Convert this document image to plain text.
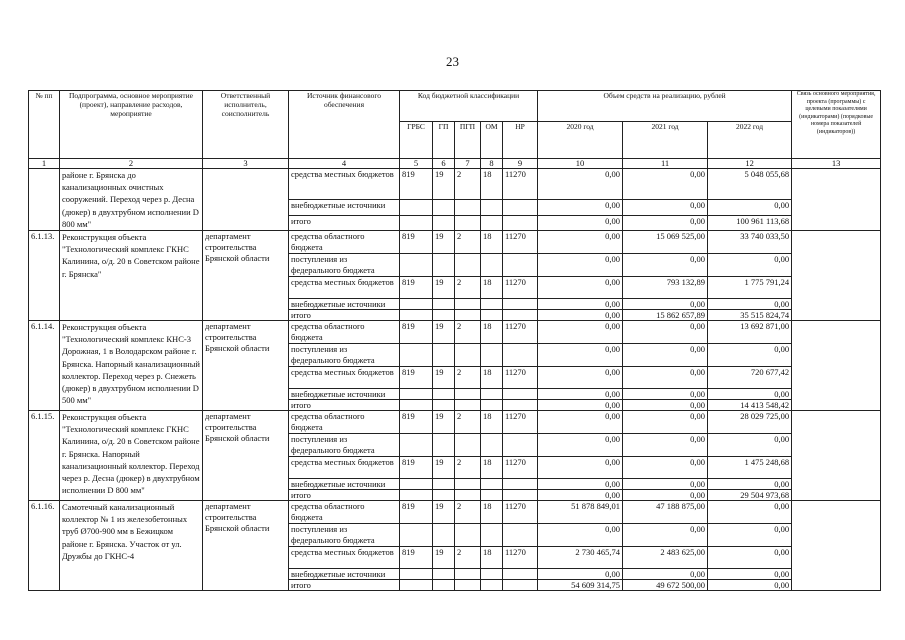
23
№ пп	Подпрограмма, основное мероприятие (проект), направление расходов, мероприятие	Ответственный исполнитель, соисполнитель	Источник финансового обеспечения	Код бюджетной классификации					Объем средств на реализацию, рублей			Связь основного мероприятия, проекта (программы) с целевыми показателями (индикаторами) (порядковые номера показателей (индикаторов))
				ГРБС	ГП	ПГП	ОМ	НР	2020 год	2021 год	2022 год	
1	2	3	4	5	6	7	8	9	10	11	12	13
	районе г. Брянска до канализационных очистных сооружений. Переход через р. Десна (дюкер) в двухтрубном исполнении D 800 мм"		средства местных бюджетов	819	19	2	18	11270	0,00	0,00	5 048 055,68	
			внебюджетные источники						0,00	0,00	0,00	
			итого						0,00	0,00	100 961 113,68	
6.1.13.	Реконструкция объекта "Технологический комплекс ГКНС Калинина, о/д. 20 в Советском районе г. Брянска"	департамент строительства Брянской области	средства областного бюджета	819	19	2	18	11270	0,00	15 069 525,00	33 740 033,50	
			поступления из федерального бюджета						0,00	0,00	0,00	
			средства местных бюджетов	819	19	2	18	11270	0,00	793 132,89	1 775 791,24	
			внебюджетные источники						0,00	0,00	0,00	
			итого						0,00	15 862 657,89	35 515 824,74	
6.1.14.	Реконструкция объекта "Технологический комплекс КНС-3 Дорожная, 1 в Володарском районе г. Брянска. Напорный канализационный коллектор. Переход через р. Снежеть (дюкер) в двухтрубном исполнении D 500 мм"	департамент строительства Брянской области	средства областного бюджета	819	19	2	18	11270	0,00	0,00	13 692 871,00	
			поступления из федерального бюджета						0,00	0,00	0,00	
			средства местных бюджетов	819	19	2	18	11270	0,00	0,00	720 677,42	
			внебюджетные источники						0,00	0,00	0,00	
			итого						0,00	0,00	14 413 548,42	
6.1.15.	Реконструкция объекта "Технологический комплекс ГКНС Калинина, о/д. 20 в Советском районе г. Брянска. Напорный канализационный коллектор. Переход через р. Десна (дюкер) в двухтрубном исполнении D 800 мм"	департамент строительства Брянской области	средства областного бюджета	819	19	2	18	11270	0,00	0,00	28 029 725,00	
			поступления из федерального бюджета						0,00	0,00	0,00	
			средства местных бюджетов	819	19	2	18	11270	0,00	0,00	1 475 248,68	
			внебюджетные источники						0,00	0,00	0,00	
			итого						0,00	0,00	29 504 973,68	
6.1.16.	Самотечный канализационный коллектор № 1 из железобетонных труб Ø700-900 мм в Бежицком районе г. Брянска. Участок от ул. Дружбы до ГКНС-4	департамент строительства Брянской области	средства областного бюджета	819	19	2	18	11270	51 878 849,01	47 188 875,00	0,00	
			поступления из федерального бюджета						0,00	0,00	0,00	
			средства местных бюджетов	819	19	2	18	11270	2 730 465,74	2 483 625,00	0,00	
			внебюджетные источники						0,00	0,00	0,00	
			итого						54 609 314,75	49 672 500,00	0,00	
